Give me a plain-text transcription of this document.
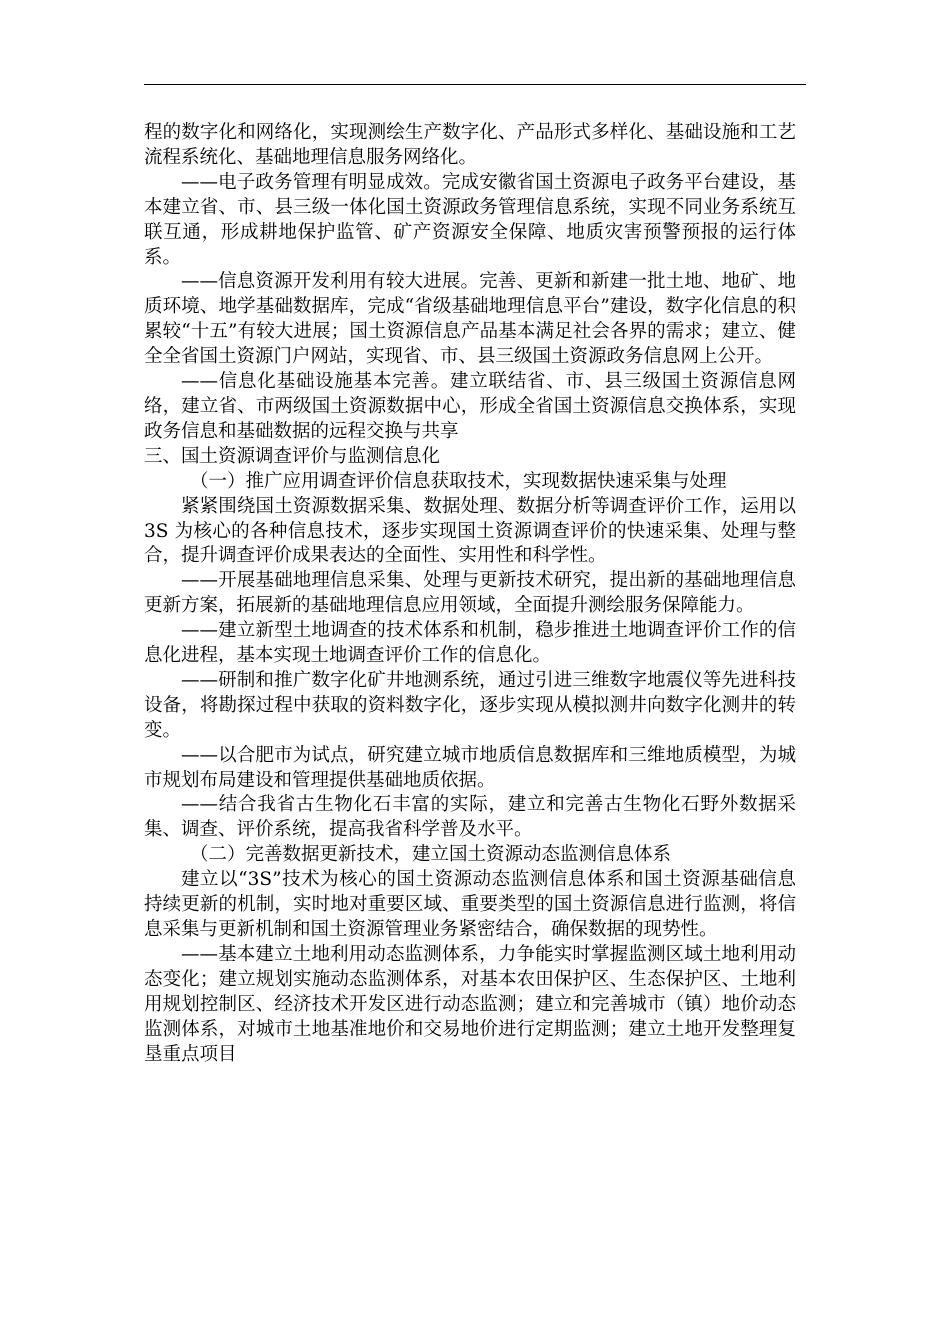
程的数字化和网络化，实现测绘生产数字化、产品形式多样化、基础设施和工艺流程系统化、基础地理信息服务网络化。

——电子政务管理有明显成效。完成安徽省国土资源电子政务平台建设，基本建立省、市、县三级一体化国土资源政务管理信息系统，实现不同业务系统互联互通，形成耕地保护监管、矿产资源安全保障、地质灾害预警预报的运行体系。

——信息资源开发利用有较大进展。完善、更新和新建一批土地、地矿、地质环境、地学基础数据库，完成“省级基础地理信息平台”建设，数字化信息的积累较“十五”有较大进展；国土资源信息产品基本满足社会各界的需求；建立、健全全省国土资源门户网站，实现省、市、县三级国土资源政务信息网上公开。

——信息化基础设施基本完善。建立联结省、市、县三级国土资源信息网络，建立省、市两级国土资源数据中心，形成全省国土资源信息交换体系，实现政务信息和基础数据的远程交换与共享

三、国土资源调查评价与监测信息化

（一）推广应用调查评价信息获取技术，实现数据快速采集与处理

紧紧围绕国土资源数据采集、数据处理、数据分析等调查评价工作，运用以　3S 为核心的各种信息技术，逐步实现国土资源调查评价的快速采集、处理与整合，提升调查评价成果表达的全面性、实用性和科学性。

——开展基础地理信息采集、处理与更新技术研究，提出新的基础地理信息更新方案，拓展新的基础地理信息应用领域，全面提升测绘服务保障能力。

——建立新型土地调查的技术体系和机制，稳步推进土地调查评价工作的信息化进程，基本实现土地调查评价工作的信息化。

——研制和推广数字化矿井地测系统，通过引进三维数字地震仪等先进科技设备，将勘探过程中获取的资料数字化，逐步实现从模拟测井向数字化测井的转变。

——以合肥市为试点，研究建立城市地质信息数据库和三维地质模型，为城市规划布局建设和管理提供基础地质依据。

——结合我省古生物化石丰富的实际，建立和完善古生物化石野外数据采集、调查、评价系统，提高我省科学普及水平。

（二）完善数据更新技术，建立国土资源动态监测信息体系

建立以“3S”技术为核心的国土资源动态监测信息体系和国土资源基础信息持续更新的机制，实时地对重要区域、重要类型的国土资源信息进行监测，将信息采集与更新机制和国土资源管理业务紧密结合，确保数据的现势性。

——基本建立土地利用动态监测体系，力争能实时掌握监测区域土地利用动态变化；建立规划实施动态监测体系，对基本农田保护区、生态保护区、土地利用规划控制区、经济技术开发区进行动态监测；建立和完善城市（镇）地价动态监测体系，对城市土地基准地价和交易地价进行定期监测；建立土地开发整理复垦重点项目
